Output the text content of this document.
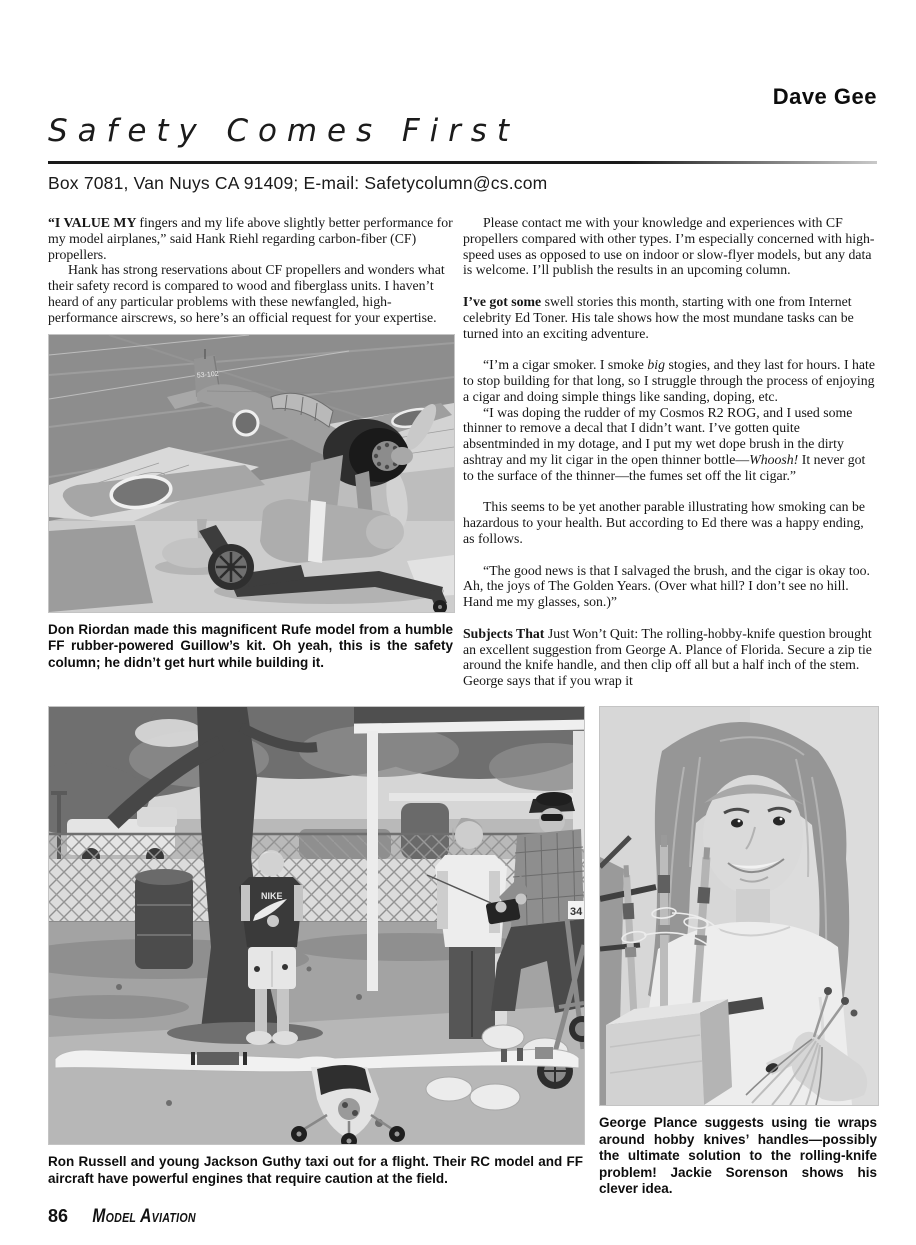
Dave Gee
Safety Comes First
Box 7081, Van Nuys CA 91409; E-mail: Safetycolumn@cs.com

“I VALUE MY fingers and my life above slightly better performance for my model airplanes,” said Hank Riehl regarding carbon-fiber (CF) propellers.

Hank has strong reservations about CF propellers and wonders what their safety record is compared to wood and fiberglass units. I haven’t heard of any particular problems with these newfangled, high-performance airscrews, so here’s an official request for your expertise.

53-102
Don Riordan made this magnificent Rufe model from a humble FF rubber-powered Guillow’s kit. Oh yeah, this is the safety column; he didn’t get hurt while building it.

Please contact me with your knowledge and experiences with CF propellers compared with other types. I’m especially concerned with high-speed uses as opposed to use on indoor or slow-flyer models, but any data is welcome. I’ll publish the results in an upcoming column.

I’ve got some swell stories this month, starting with one from Internet celebrity Ed Toner. His tale shows how the most mundane tasks can be turned into an exciting adventure.

“I’m a cigar smoker. I smoke big stogies, and they last for hours. I hate to stop building for that long, so I struggle through the process of enjoying a cigar and doing simple things like sanding, doping, etc.

“I was doping the rudder of my Cosmos R2 ROG, and I used some thinner to remove a decal that I didn’t want. I’ve gotten quite absentminded in my dotage, and I put my wet dope brush in the dirty ashtray and my lit cigar in the open thinner bottle—Whoosh! It never got to the surface of the thinner—the fumes set off the lit cigar.”

This seems to be yet another parable illustrating how smoking can be hazardous to your health. But according to Ed there was a happy ending, as follows.

“The good news is that I salvaged the brush, and the cigar is okay too. Ah, the joys of The Golden Years. (Over what hill? I don’t see no hill. Hand me my glasses, son.)”

Subjects That Just Won’t Quit: The rolling-hobby-knife question brought an excellent suggestion from George A. Plance of Florida. Secure a zip tie around the knife handle, and then clip off all but a half inch of the stem. George says that if you wrap it

NIKE
34
Ron Russell and young Jackson Guthy taxi out for a flight. Their RC model and FF aircraft have powerful engines that require caution at the field.
George Plance suggests using tie wraps around hobby knives’ handles—possibly the ultimate solution to the rolling-knife problem! Jackie Sorenson shows his clever idea.
86 Model Aviation
